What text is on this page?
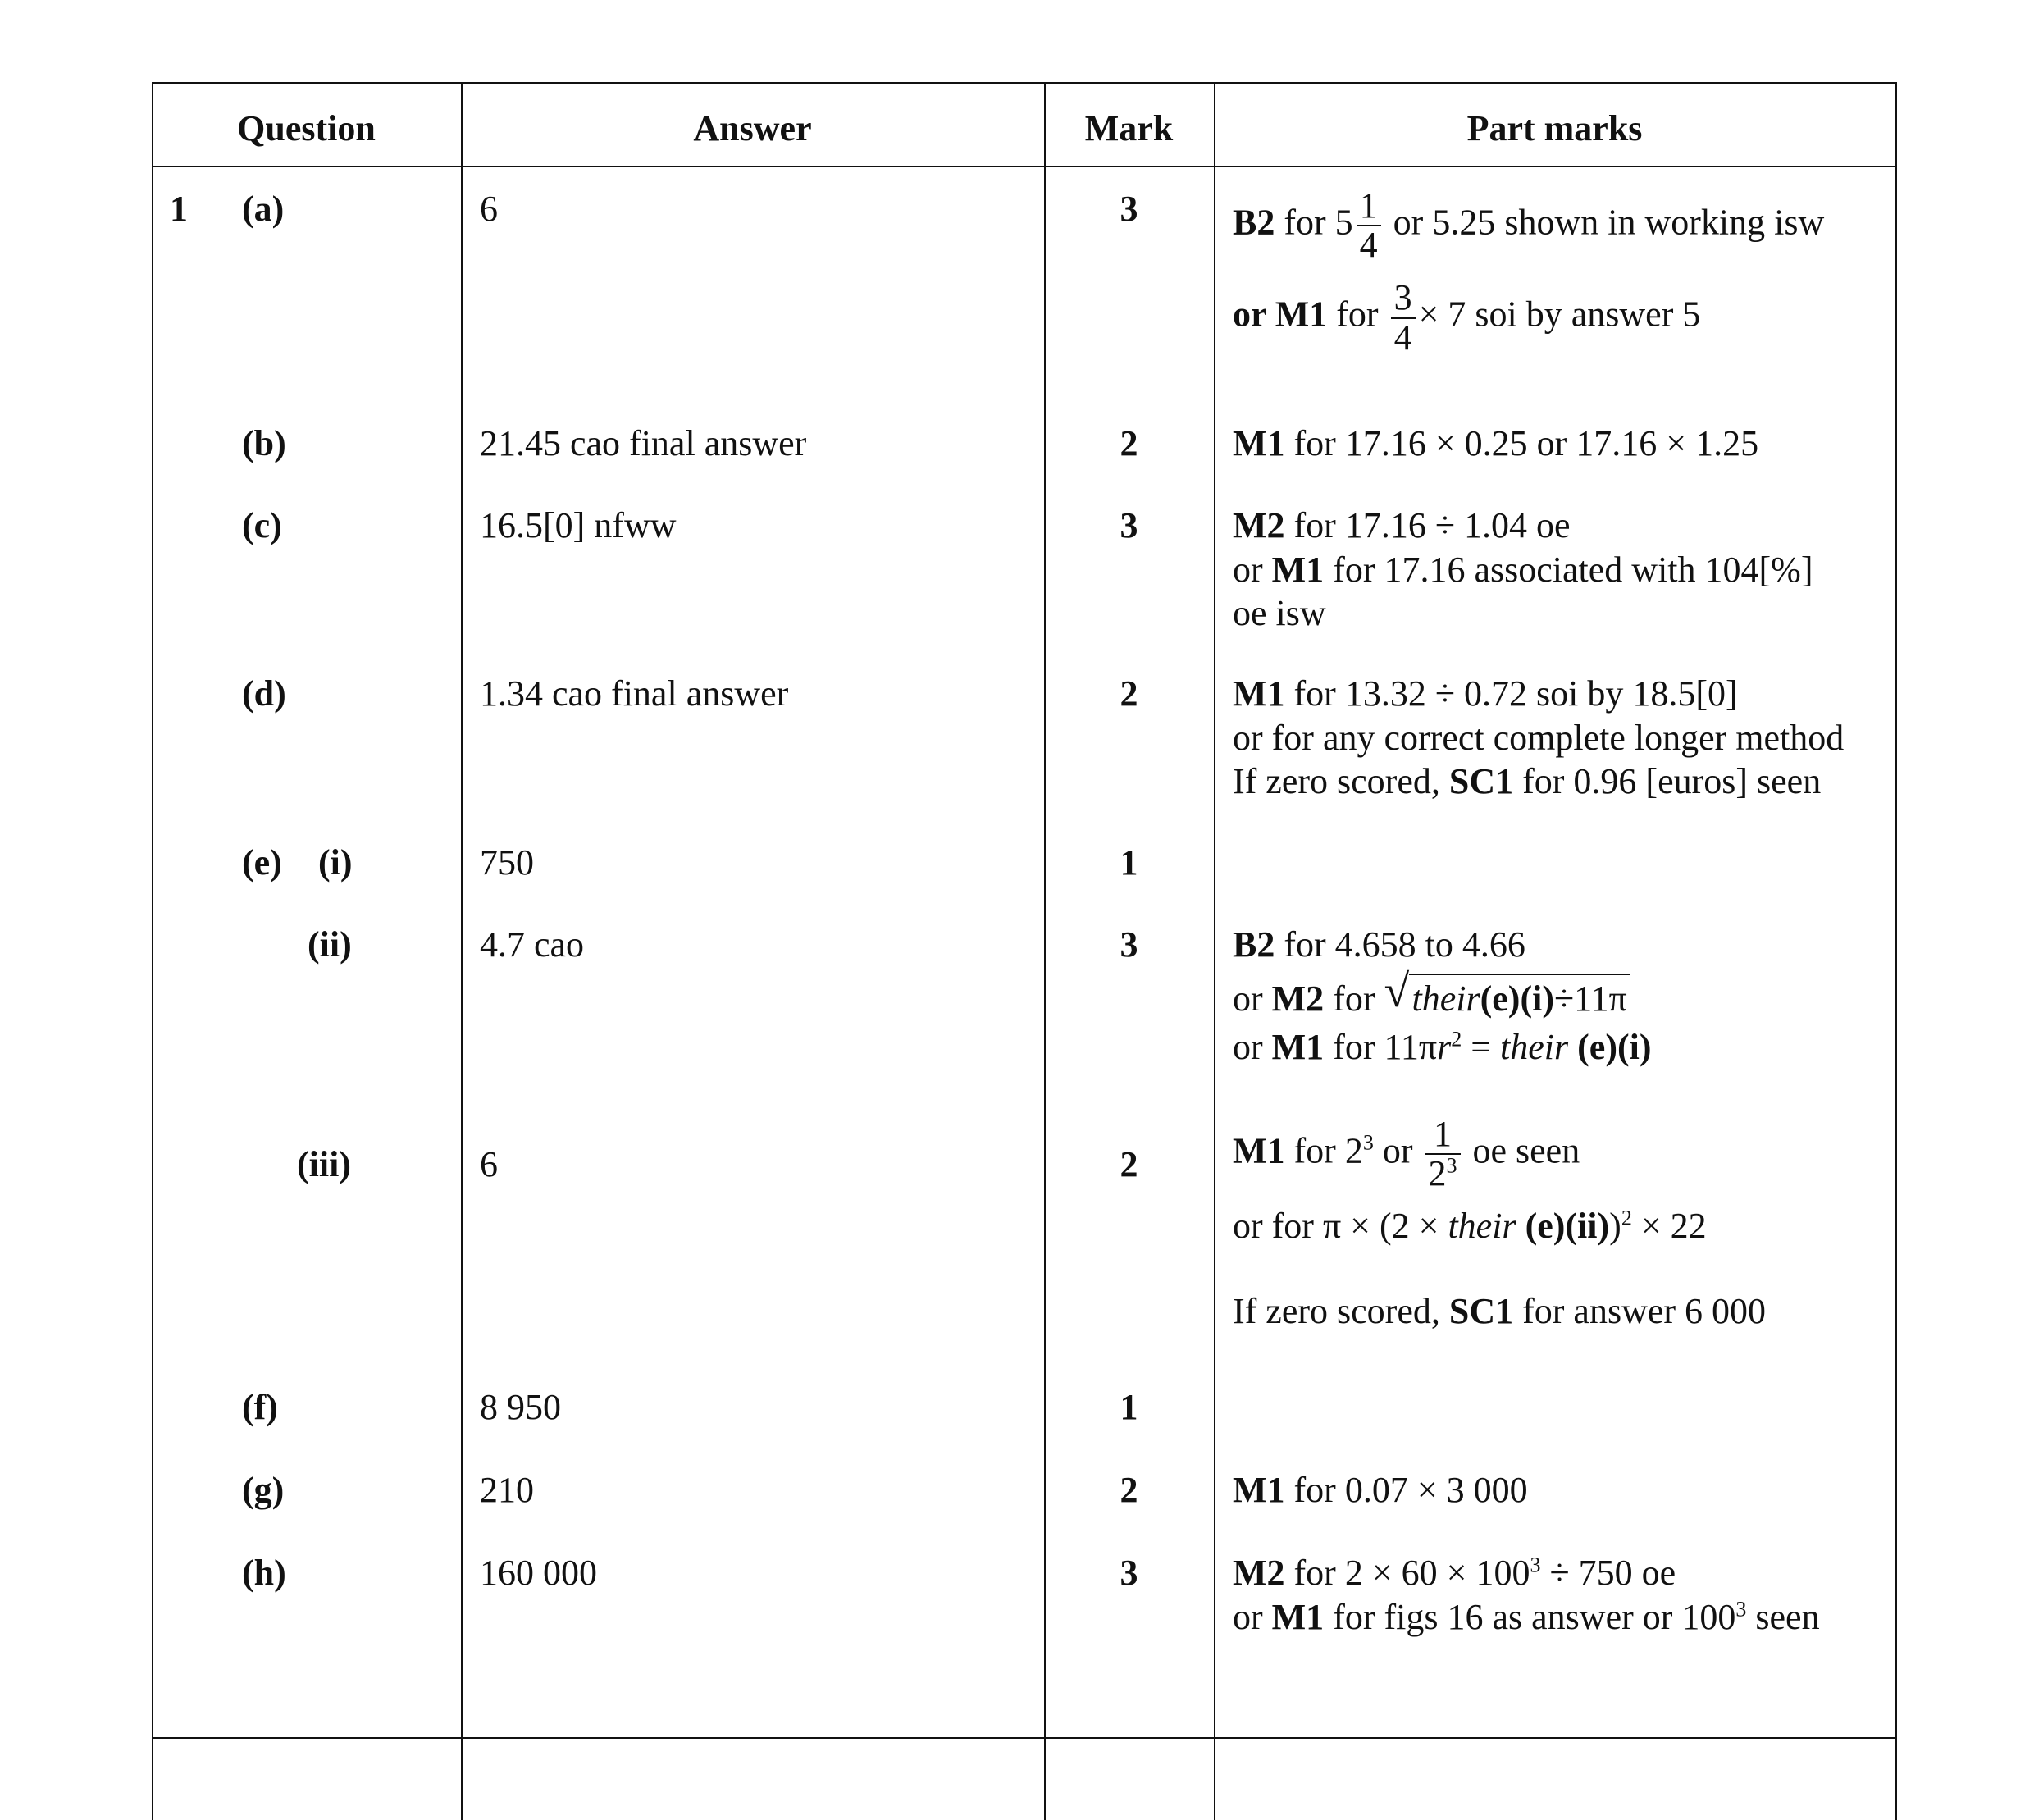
Question	Answer	Mark	Part marks
1 (a)	6	3	B2 for $5 \frac{1}{4}$ or 5.25 shown in working isw
or M1 for $\frac{3}{4} \times 7$ soi by answer 5
(b)	21.45 cao final answer	2	M1 for 17.16 × 0.25 or 17.16 × 1.25
(c)	16.5[0] nfww	3	M2 for 17.16 ÷ 1.04 oe
or M1 for 17.16 associated with 104[%]
oe isw
(d)	1.34 cao final answer	2	M1 for 13.32 ÷ 0.72 soi by 18.5[0]
or for any correct complete longer method
If zero scored, SC1 for 0.96 [euros] seen
(e) (i)	750	1
(ii)	4.7 cao	3	B2 for 4.658 to 4.66
or M2 for √ their(e)(i)÷11π
or M1 for $11\pi r^2$ = their (e)(i)
(iii)	6	2	M1 for $2^3$ or $\frac{1}{2^3}$ oe seen
or for π × (2 × their (e)(ii))$^2$ × 22
If zero scored, SC1 for answer 6 000
(f)	8 950	1
(g)	210	2	M1 for 0.07 × 3 000
(h)	160 000	3	M2 for $2 \times 60 \times 100^3 \div 750$ oe
or M1 for figs 16 as answer or $100^3$ seen
